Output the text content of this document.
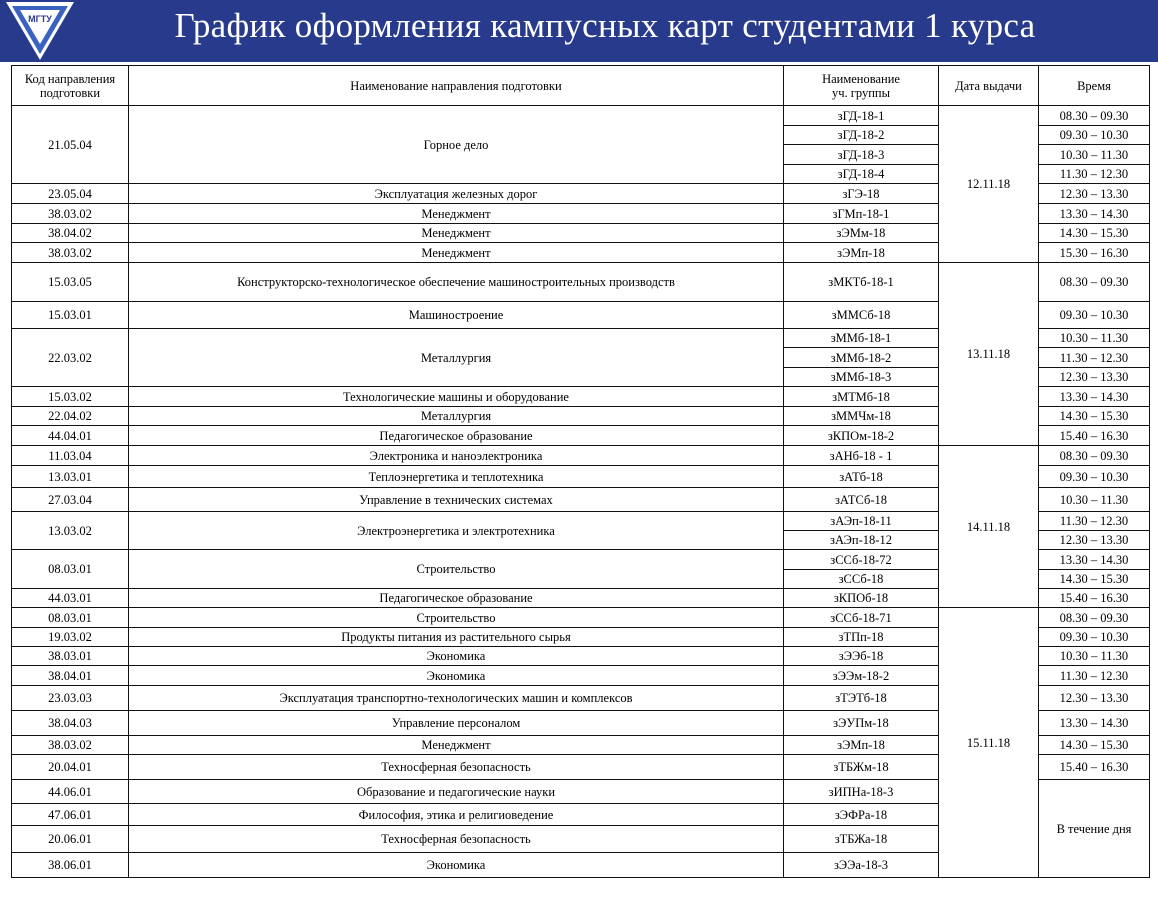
МГТУ	График оформления кампусных карт студентами 1 курса
Код направления
подготовки	Наименование направления подготовки	Наименование
уч. группы	Дата выдачи	Время
21.05.04	Горное дело	зГД-18-1	12.11.18	08.30 – 09.30
		зГД-18-2		09.30 – 10.30
		зГД-18-3		10.30 – 11.30
		зГД-18-4		11.30 – 12.30
23.05.04	Эксплуатация железных дорог	зГЭ-18		12.30 – 13.30
38.03.02	Менеджмент	зГМп-18-1		13.30 – 14.30
38.04.02	Менеджмент	зЭМм-18		14.30 – 15.30
38.03.02	Менеджмент	зЭМп-18		15.30 – 16.30
15.03.05	Конструкторско-технологическое обеспечение машиностроительных производств	зМКТб-18-1	13.11.18	08.30 – 09.30
15.03.01	Машиностроение	зММСб-18		09.30 – 10.30
22.03.02	Металлургия	зММб-18-1		10.30 – 11.30
		зММб-18-2		11.30 – 12.30
		зММб-18-3		12.30 – 13.30
15.03.02	Технологические машины и оборудование	зМТМб-18		13.30 – 14.30
22.04.02	Металлургия	зММЧм-18		14.30 – 15.30
44.04.01	Педагогическое образование	зКПОм-18-2		15.40 – 16.30
11.03.04	Электроника и наноэлектроника	зАНб-18 - 1	14.11.18	08.30 – 09.30
13.03.01	Теплоэнергетика и теплотехника	зАТб-18		09.30 – 10.30
27.03.04	Управление в технических системах	зАТСб-18		10.30 – 11.30
13.03.02	Электроэнергетика и электротехника	зАЭп-18-11		11.30 – 12.30
		зАЭп-18-12		12.30 – 13.30
08.03.01	Строительство	зССб-18-72		13.30 – 14.30
		зССб-18		14.30 – 15.30
44.03.01	Педагогическое образование	зКПОб-18		15.40 – 16.30
08.03.01	Строительство	зССб-18-71	15.11.18	08.30 – 09.30
19.03.02	Продукты питания из растительного сырья	зТПп-18		09.30 – 10.30
38.03.01	Экономика	зЭЭб-18		10.30 – 11.30
38.04.01	Экономика	зЭЭм-18-2		11.30 – 12.30
23.03.03	Эксплуатация транспортно-технологических машин и комплексов	зТЭТб-18		12.30 – 13.30
38.04.03	Управление персоналом	зЭУПм-18		13.30 – 14.30
38.03.02	Менеджмент	зЭМп-18		14.30 – 15.30
20.04.01	Техносферная безопасность	зТБЖм-18		15.40 – 16.30
44.06.01	Образование и педагогические науки	зИПНа-18-3		В течение дня
47.06.01	Философия, этика и религиоведение	зЭФРа-18		
20.06.01	Техносферная безопасность	зТБЖа-18		
38.06.01	Экономика	зЭЭа-18-3		
